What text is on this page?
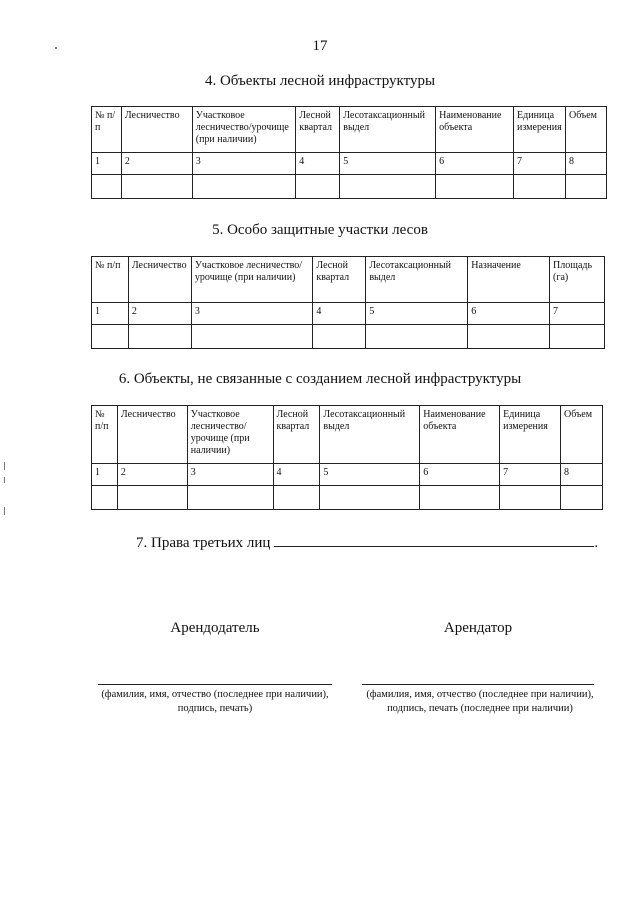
17
4. Объекты лесной инфраструктуры
№ п/п	Лесничество	Участковое лесничество/урочище (при наличии)	Лесной квартал	Лесотаксационный выдел	Наименование объекта	Единица измерения	Объем
1	2	3	4	5	6	7	8

5. Особо защитные участки лесов
№ п/п	Лесничество	Участковое лесничество/урочище (при наличии)	Лесной квартал	Лесотаксационный выдел	Назначение	Площадь (га)
1	2	3	4	5	6	7

6. Объекты, не связанные с созданием лесной инфраструктуры
№ п/п	Лесничество	Участковое лесничество/ урочище (при наличии)	Лесной квартал	Лесотаксационный выдел	Наименование объекта	Единица измерения	Объем
1	2	3	4	5	6	7	8

7. Права третьих лиц	.
Арендодатель	Арендатор
(фамилия, имя, отчество (последнее при наличии),
подпись, печать)
(фамилия, имя, отчество (последнее при наличии),
подпись, печать (последнее при наличии)
